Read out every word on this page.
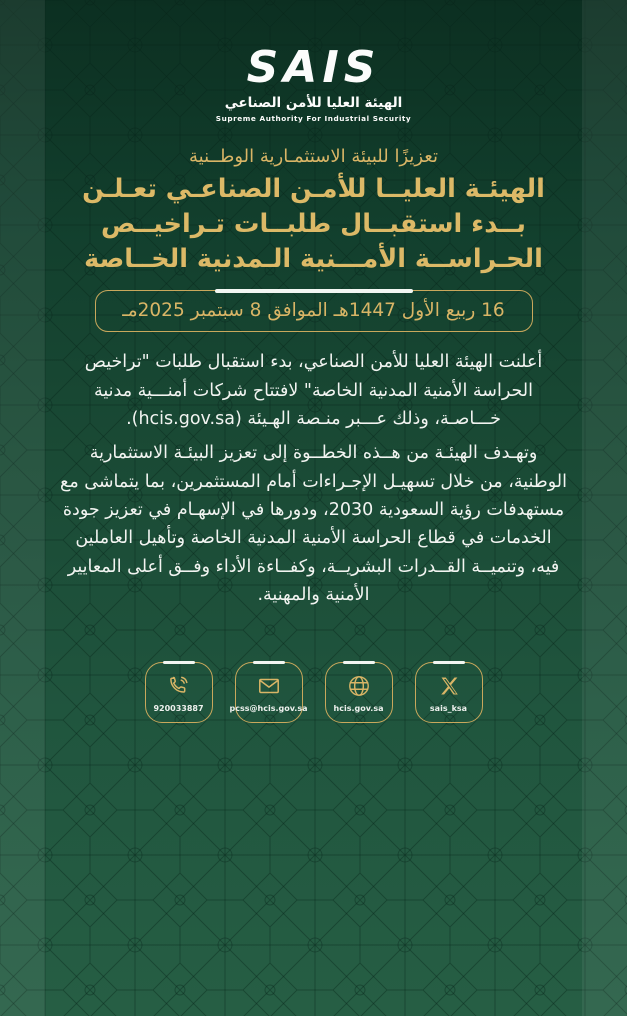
SAIS
الهيئة العليا للأمن الصناعي
Supreme Authority For Industrial Security
تعزيزًا للبيئة الاستثمـارية الوطــنية
الهيئـة العليــا للأمـن الصناعـي تعـلـن
بــدء استقبــال طلبــات تـراخيــص
الحـراســة الأمـــنية الـمدنية الخــاصة
16 ربيع الأول 1447هـ الموافق 8 سبتمبر 2025مـ

أعلنت الهيئة العليا للأمن الصناعي، بدء استقبال طلبات "تراخيص الحراسة الأمنية المدنية الخاصة" لافتتاح شركات أمنـــية مدنية خـــاصـة، وذلك عـــبر منـصة الهـيئة (hcis.gov.sa).

وتهـدف الهيئـة من هــذه الخطــوة إلى تعزيز البيئـة الاستثمارية الوطنية، من خلال تسهيـل الإجـراءات أمام المستثمرين، بما يتماشى مع مستهدفات رؤية السعودية 2030، ودورها في الإسهـام في تعزيز جودة الخدمات في قطاع الحراسة الأمنية المدنية الخاصة وتأهيل العاملين فيه، وتنميــة القــدرات البشريــة، وكفــاءة الأداء وفــق أعلى المعايير الأمنية والمهنية.

920033887	pcss@hcis.gov.sa	hcis.gov.sa	sais_ksa
